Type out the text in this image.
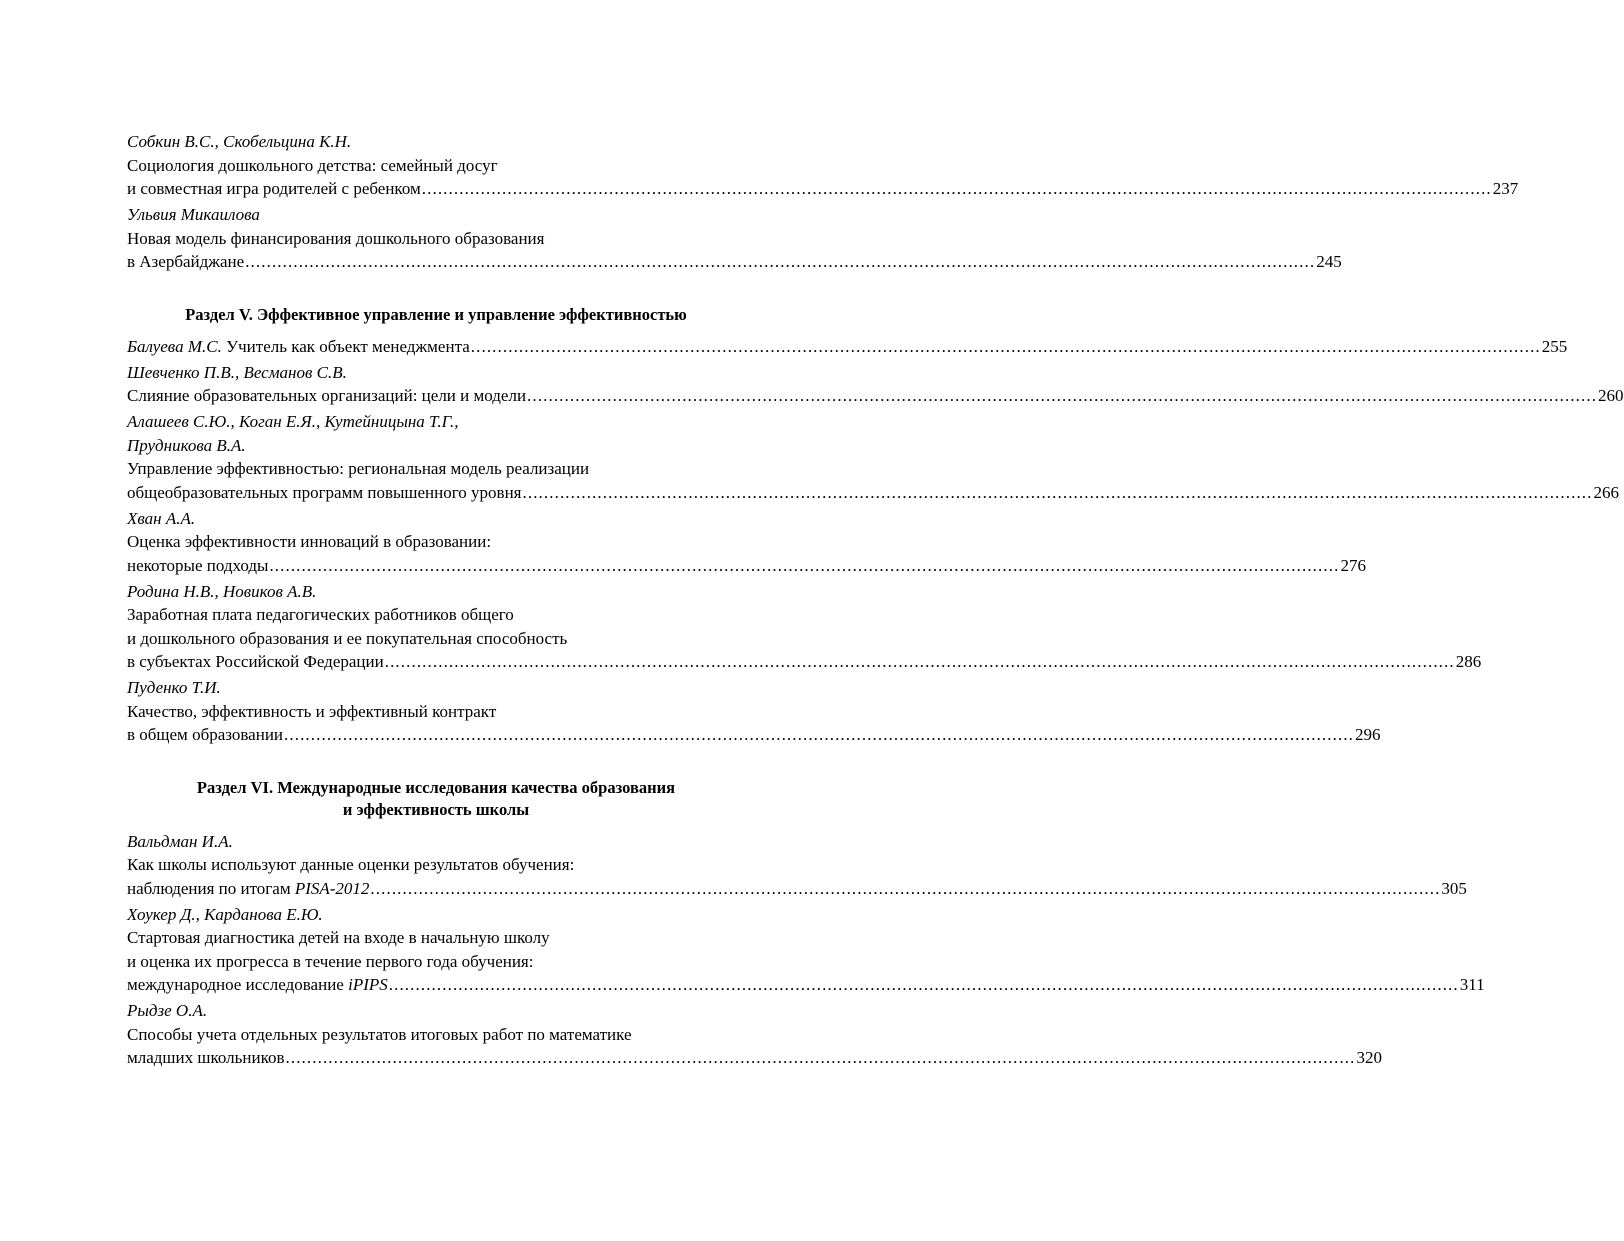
Собкин В.С., Скобельцина К.Н.
Социология дошкольного детства: семейный досуг
и совместная игра родителей с ребенком ........................................................................................................................................................................................................ 237
Ульвия Микаилова
Новая модель финансирования дошкольного образования
в Азербайджане ........................................................................................................................................................................................................ 245
Раздел V. Эффективное управление и управление эффективностью
Балуева М.С. Учитель как объект менеджмента ........................................................................................................................................................................................................ 255
Шевченко П.В., Весманов С.В.
Слияние образовательных организаций: цели и модели ........................................................................................................................................................................................................ 260
Алашеев С.Ю., Коган Е.Я., Кутейницына Т.Г.,
Прудникова В.А.
Управление эффективностью: региональная модель реализации
общеобразовательных программ повышенного уровня ........................................................................................................................................................................................................ 266
Хван А.А.
Оценка эффективности инноваций в образовании:
некоторые подходы ........................................................................................................................................................................................................ 276
Родина Н.В., Новиков А.В.
Заработная плата педагогических работников общего
и дошкольного образования и ее покупательная способность
в субъектах Российской Федерации ........................................................................................................................................................................................................ 286
Пуденко Т.И.
Качество, эффективность и эффективный контракт
в общем образовании ........................................................................................................................................................................................................ 296
Раздел VI. Международные исследования качества образования
и эффективность школы
Вальдман И.А.
Как школы используют данные оценки результатов обучения:
наблюдения по итогам PISA-2012 ........................................................................................................................................................................................................ 305
Хоукер Д., Карданова Е.Ю.
Стартовая диагностика детей на входе в начальную школу
и оценка их прогресса в течение первого года обучения:
международное исследование iPIPS ........................................................................................................................................................................................................ 311
Рыдзе О.А.
Способы учета отдельных результатов итоговых работ по математике
младших школьников ........................................................................................................................................................................................................ 320
